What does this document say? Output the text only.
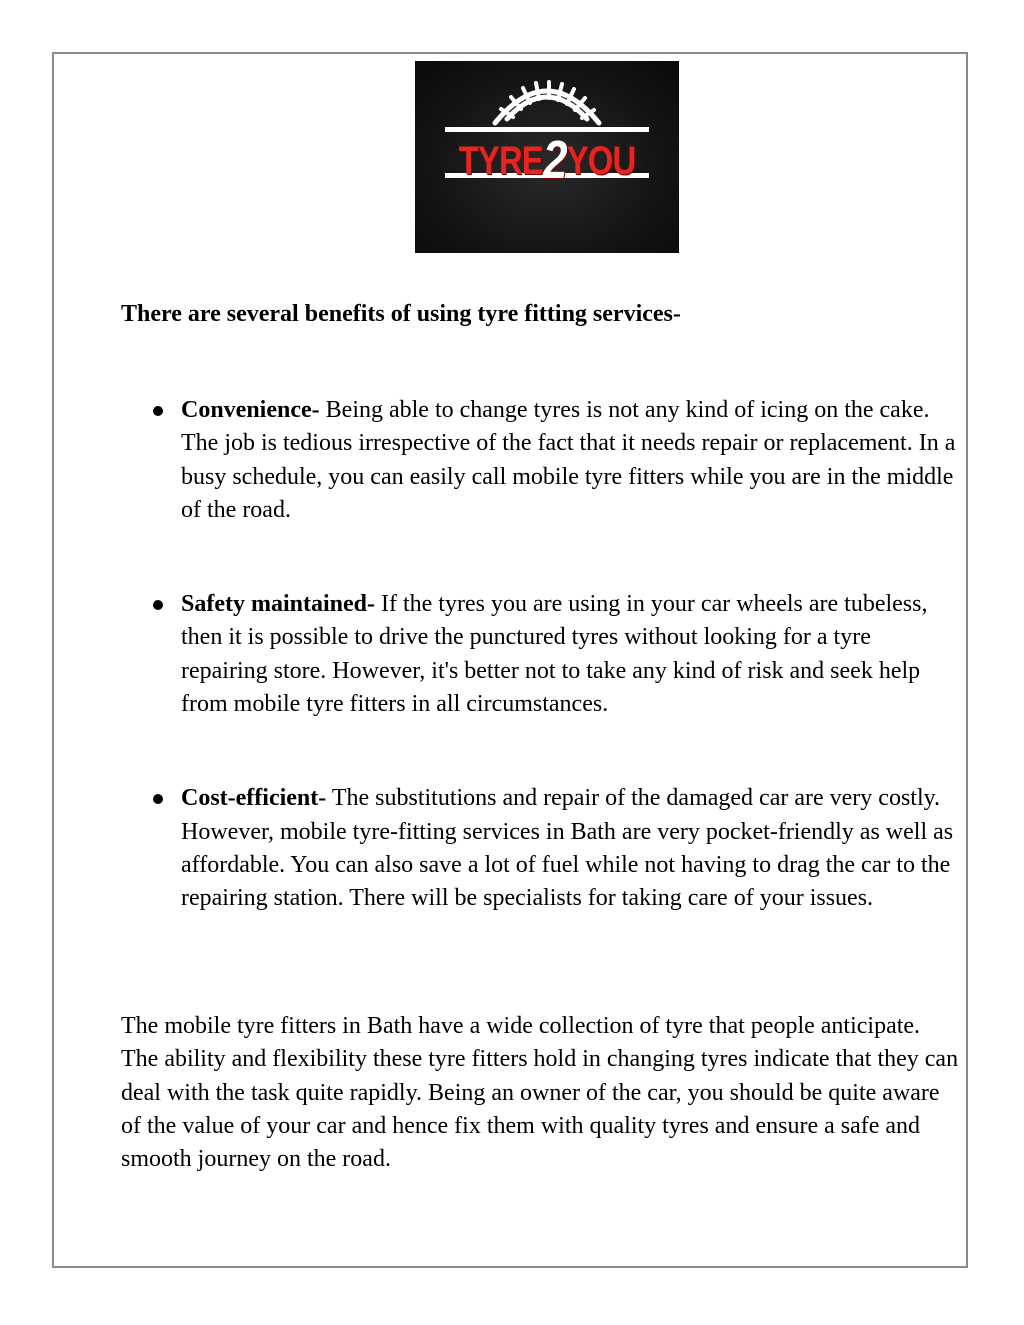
TYRE2YOU
There are several benefits of using tyre fitting services-
Convenience- Being able to change tyres is not any kind of icing on the cake. The job is tedious irrespective of the fact that it needs repair or replacement. In a busy schedule, you can easily call mobile tyre fitters while you are in the middle of the road.
Safety maintained- If the tyres you are using in your car wheels are tubeless, then it is possible to drive the punctured tyres without looking for a tyre repairing store. However, it's better not to take any kind of risk and seek help from mobile tyre fitters in all circumstances.
Cost-efficient- The substitutions and repair of the damaged car are very costly. However, mobile tyre-fitting services in Bath are very pocket-friendly as well as affordable. You can also save a lot of fuel while not having to drag the car to the repairing station. There will be specialists for taking care of your issues.

The mobile tyre fitters in Bath have a wide collection of tyre that people anticipate. The ability and flexibility these tyre fitters hold in changing tyres indicate that they can deal with the task quite rapidly. Being an owner of the car, you should be quite aware of the value of your car and hence fix them with quality tyres and ensure a safe and smooth journey on the road.
